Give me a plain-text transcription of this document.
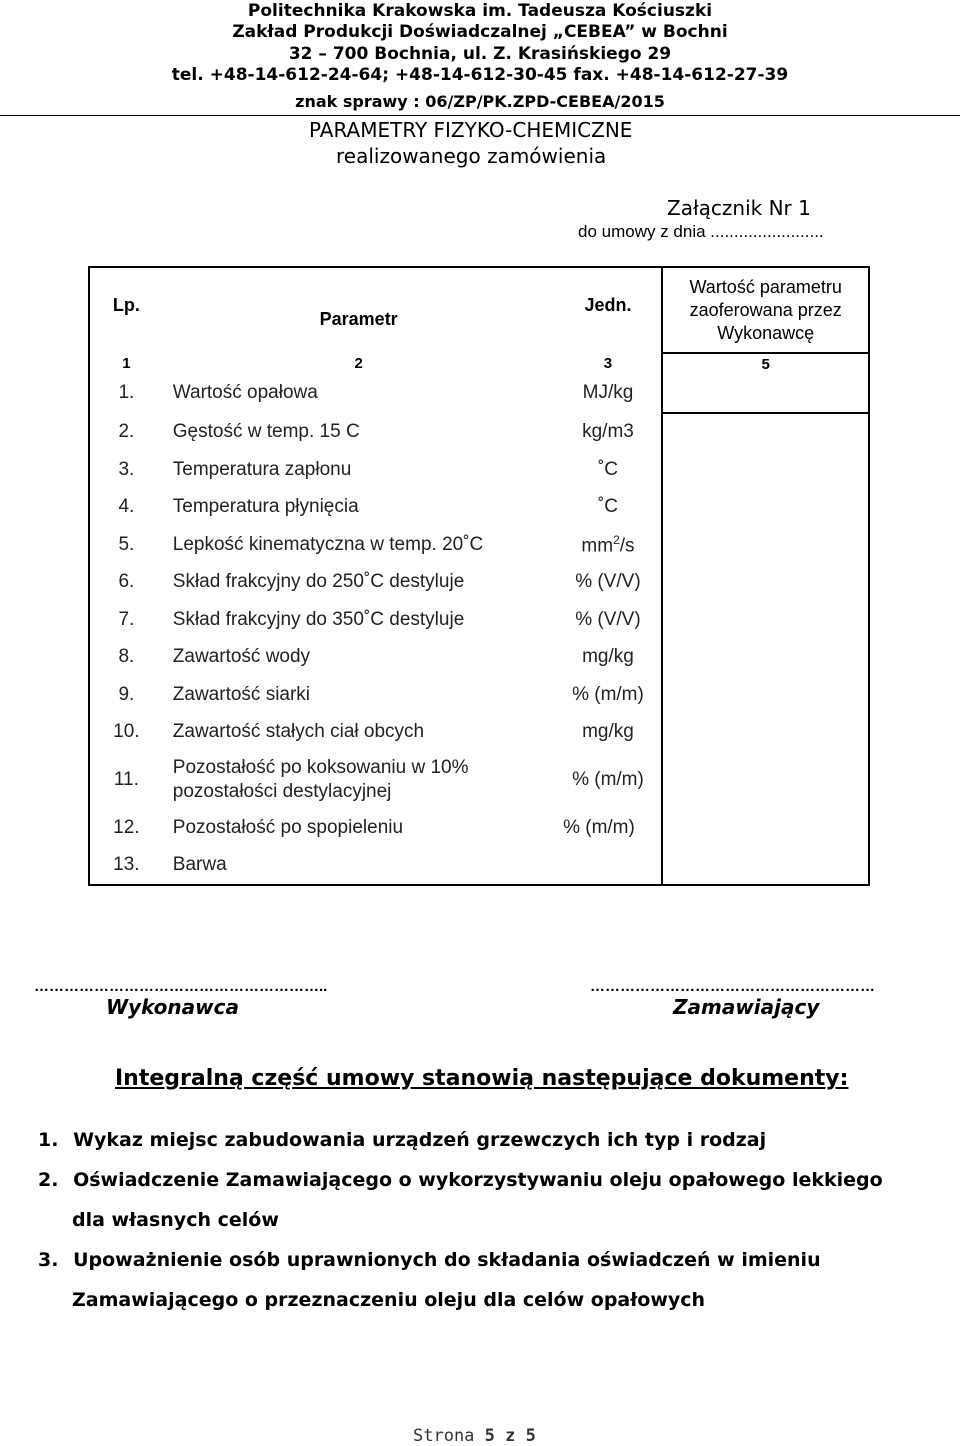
Politechnika Krakowska im. Tadeusza Kościuszki
Zakład Produkcji Doświadczalnej „CEBEA” w Bochni
32 – 700 Bochnia, ul. Z. Krasińskiego 29
tel. +48-14-612-24-64; +48-14-612-30-45 fax. +48-14-612-27-39
znak sprawy : 06/ZP/PK.ZPD-CEBEA/2015
PARAMETRY FIZYKO-CHEMICZNE
realizowanego zamówienia
Załącznik Nr 1
do umowy z dnia ........................
Lp.	Parametr	Jedn.	Wartość parametru zaoferowana przez Wykonawcę
1	2	3	5
1.	Wartość opałowa	MJ/kg	
2.	Gęstość w temp. 15 C	kg/m3	
3.	Temperatura zapłonu	˚C	
4.	Temperatura płynięcia	˚C	
5.	Lepkość kinematyczna w temp. 20˚C	$mm^2/s$	
6.	Skład frakcyjny do 250˚C destyluje	% (V/V)	
7.	Skład frakcyjny do 350˚C destyluje	% (V/V)	
8.	Zawartość wody	mg/kg	
9.	Zawartość siarki	% (m/m)	
10.	Zawartość stałych ciał obcych	mg/kg	
11.	Pozostałość po koksowaniu w 10%
pozostałości destylacyjnej	% (m/m)	
12.	Pozostałość po spopieleniu	% (m/m)	
13.	Barwa		
…………………………………………………..
Wykonawca
…………………………………………………
Zamawiający
Integralną część umowy stanowią następujące dokumenty:
1. Wykaz miejsc zabudowania urządzeń grzewczych ich typ i rodzaj
2. Oświadczenie Zamawiającego o wykorzystywaniu oleju opałowego lekkiego
dla własnych celów
3. Upoważnienie osób uprawnionych do składania oświadczeń w imieniu
Zamawiającego o przeznaczeniu oleju dla celów opałowych
Strona 5 z 5
